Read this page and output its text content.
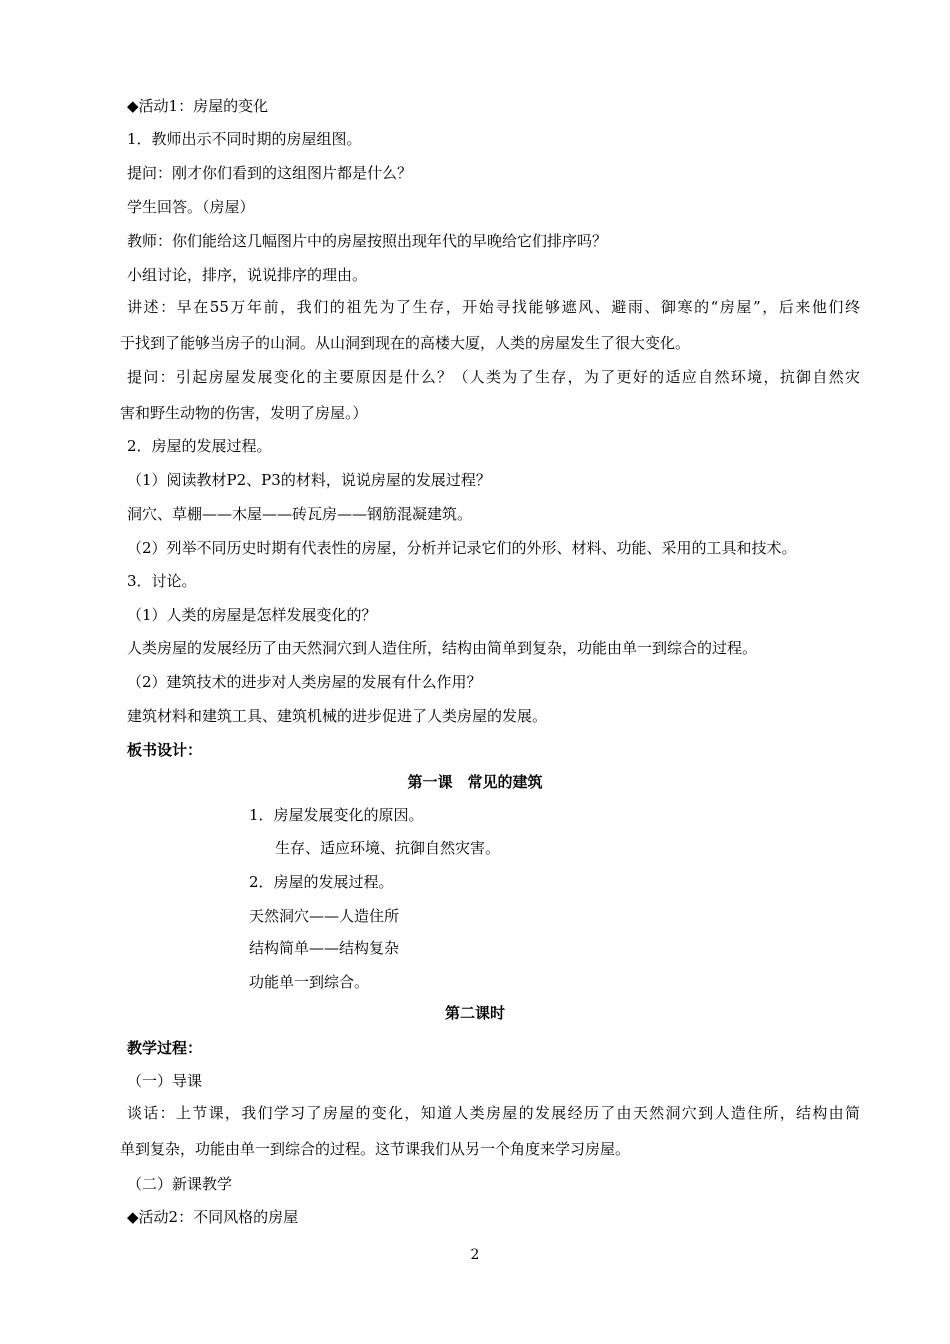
◆活动1：房屋的变化
1．教师出示不同时期的房屋组图。
提问：刚才你们看到的这组图片都是什么？
学生回答。（房屋）
教师：你们能给这几幅图片中的房屋按照出现年代的早晚给它们排序吗？
小组讨论，排序，说说排序的理由。
讲述：早在55万年前，我们的祖先为了生存，开始寻找能够遮风、避雨、御寒的“房屋”，后来他们终
于找到了能够当房子的山洞。从山洞到现在的高楼大厦，人类的房屋发生了很大变化。
提问：引起房屋发展变化的主要原因是什么？（人类为了生存，为了更好的适应自然环境，抗御自然灾
害和野生动物的伤害，发明了房屋。）
2．房屋的发展过程。
（1）阅读教材P2、P3的材料，说说房屋的发展过程？
洞穴、草棚——木屋——砖瓦房——钢筋混凝建筑。
（2）列举不同历史时期有代表性的房屋，分析并记录它们的外形、材料、功能、采用的工具和技术。
3．讨论。
（1）人类的房屋是怎样发展变化的？
人类房屋的发展经历了由天然洞穴到人造住所，结构由简单到复杂，功能由单一到综合的过程。
（2）建筑技术的进步对人类房屋的发展有什么作用？
建筑材料和建筑工具、建筑机械的进步促进了人类房屋的发展。
板书设计：
第一课　常见的建筑
1．房屋发展变化的原因。
生存、适应环境、抗御自然灾害。
2．房屋的发展过程。
天然洞穴——人造住所
结构简单——结构复杂
功能单一到综合。
第二课时
教学过程：
（一）导课
谈话：上节课，我们学习了房屋的变化，知道人类房屋的发展经历了由天然洞穴到人造住所，结构由简
单到复杂，功能由单一到综合的过程。这节课我们从另一个角度来学习房屋。
（二）新课教学
◆活动2：不同风格的房屋
2
